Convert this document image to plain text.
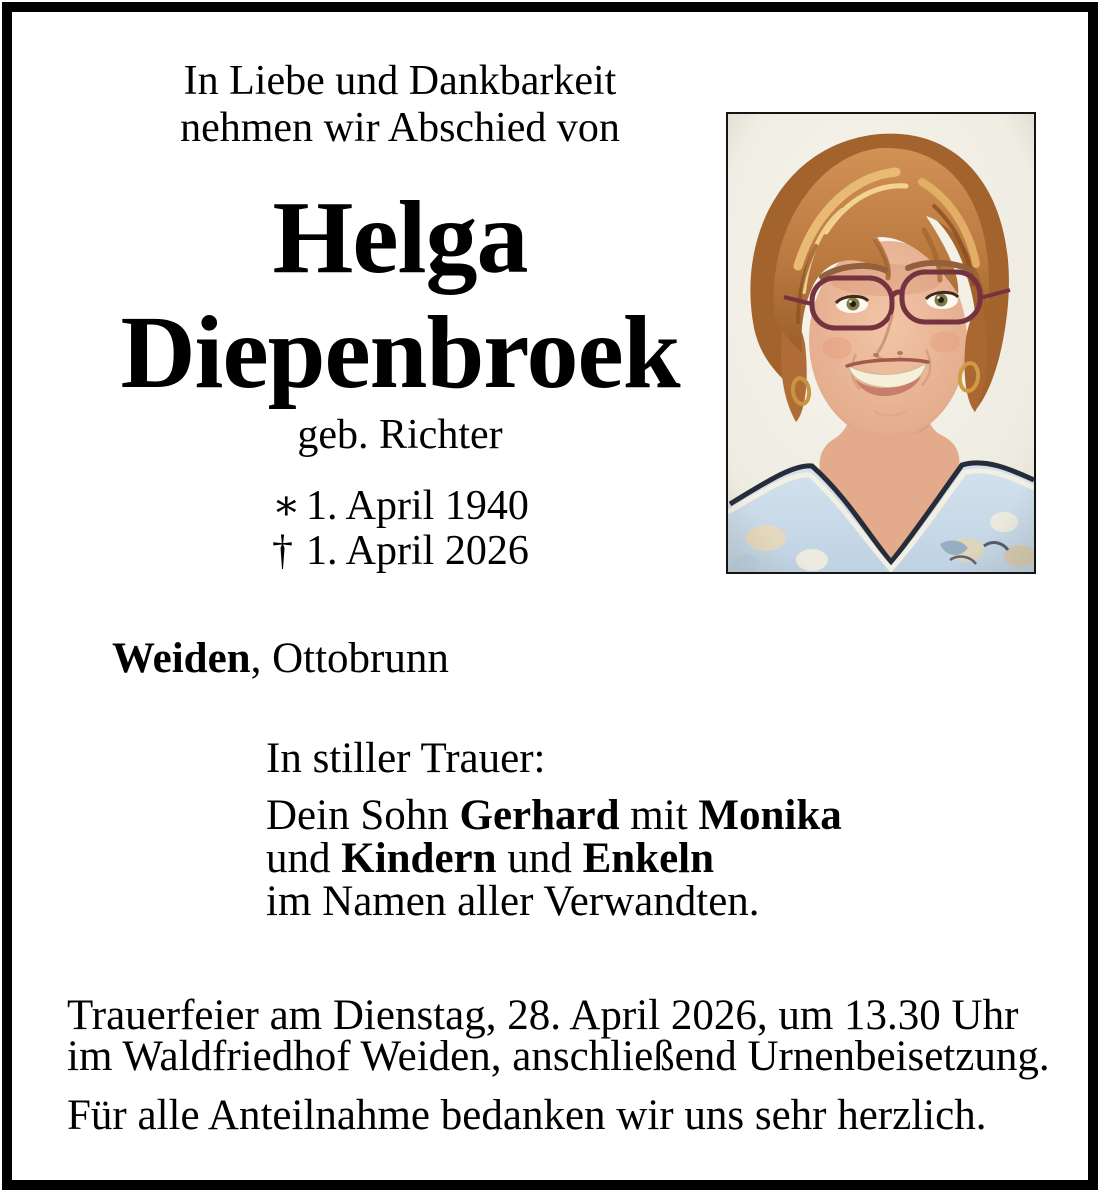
In Liebe und Dankbarkeit
nehmen wir Abschied von
Helga
Diepenbroek
geb. Richter
∗ 1. April 1940
† 1. April 2026
Weiden, Ottobrunn
In stiller Trauer:
Dein Sohn Gerhard mit Monika
und Kindern und Enkeln
im Namen aller Verwandten.
Trauerfeier am Dienstag, 28. April 2026, um 13.30 Uhr
im Waldfriedhof Weiden, anschließend Urnenbeisetzung.
Für alle Anteilnahme bedanken wir uns sehr herzlich.
